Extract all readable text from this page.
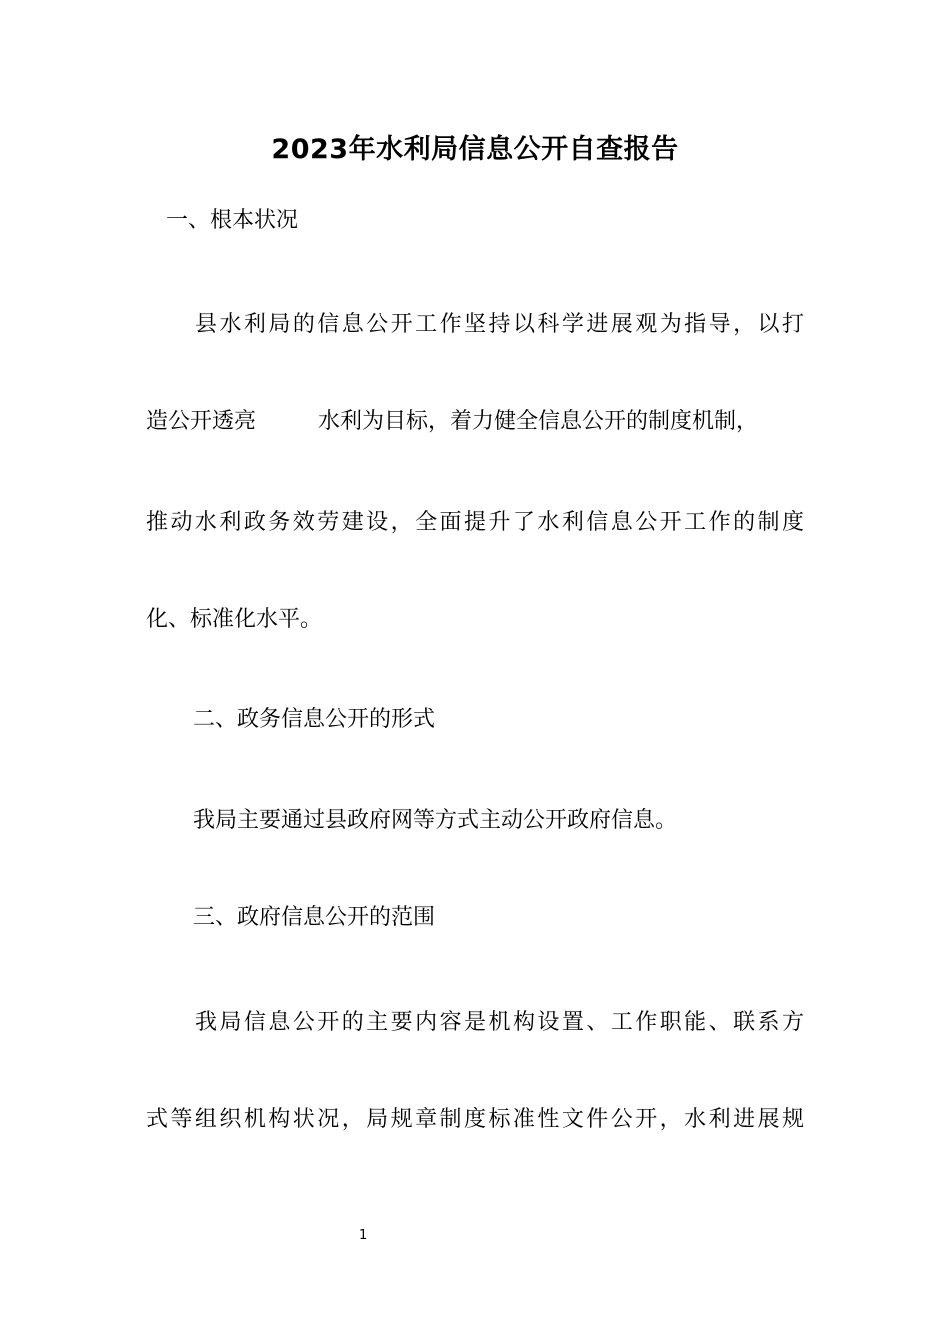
2023年水利局信息公开自查报告
一、根本状况
县水利局的信息公开工作坚持以科学进展观为指导，以打
造公开透亮	水利为目标，着力健全信息公开的制度机制，
推动水利政务效劳建设，全面提升了水利信息公开工作的制度
化、标准化水平。
二、政务信息公开的形式
我局主要通过县政府网等方式主动公开政府信息。
三、政府信息公开的范围
我局信息公开的主要内容是机构设置、工作职能、联系方
式等组织机构状况，局规章制度标准性文件公开，水利进展规
1
